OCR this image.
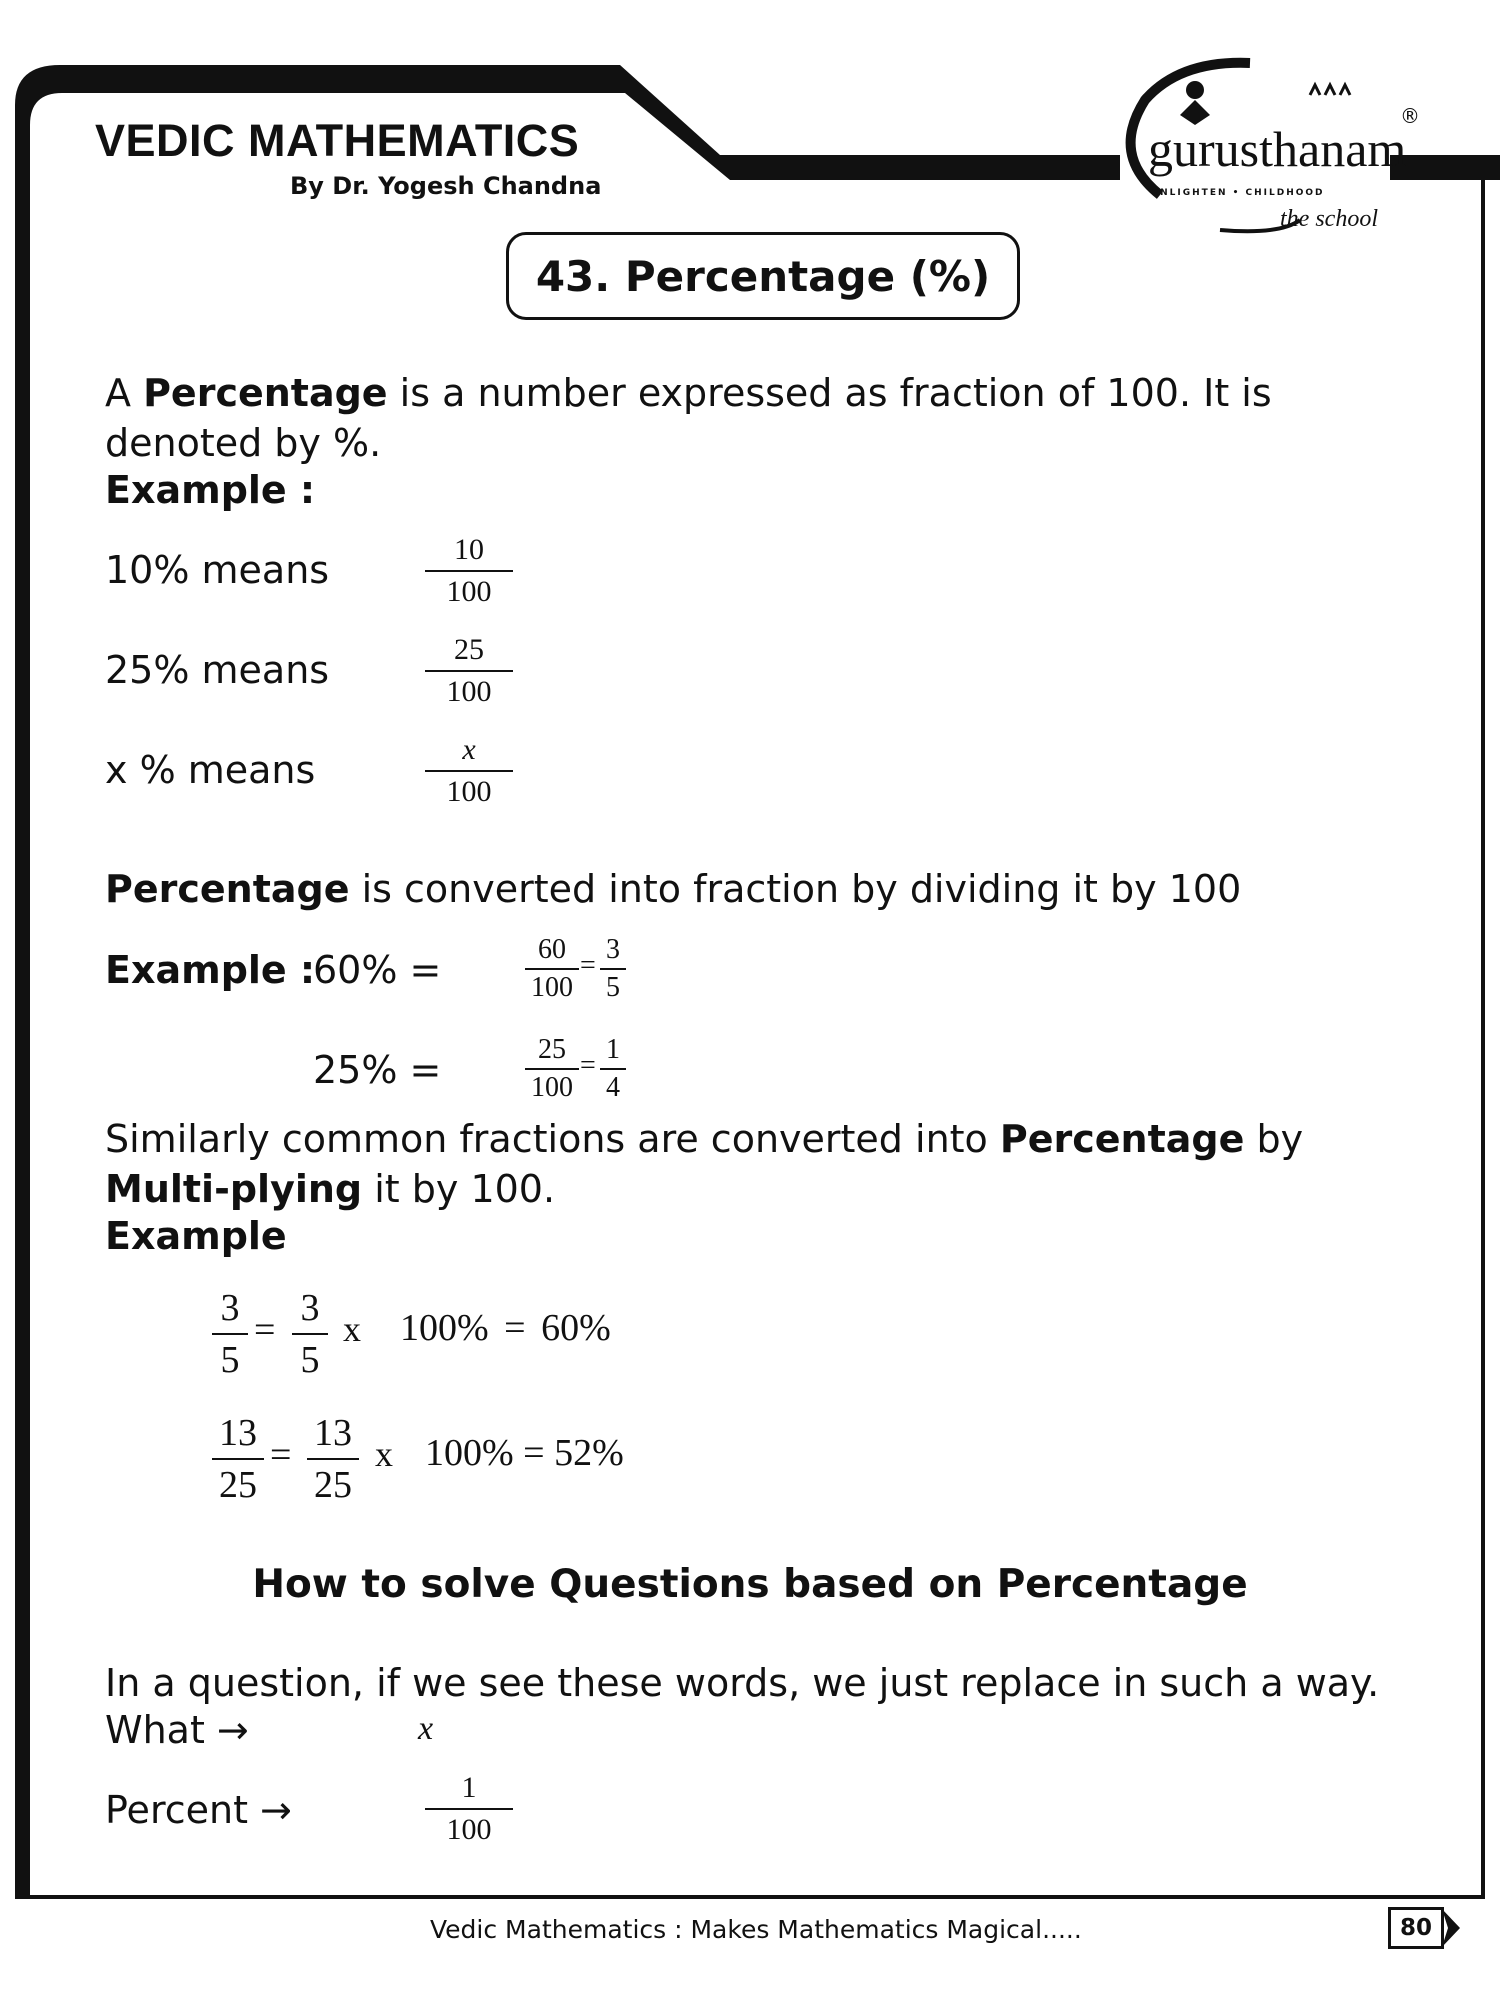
VEDIC MATHEMATICS
By Dr. Yogesh Chandna
gurusthanam
ENLIGHTEN • CHILDHOOD
the school
®
43. Percentage (%)
A Percentage is a number expressed as fraction of 100. It is denoted by %.
Example :
10% means	$\frac{10}{100}$
25% means	$\frac{25}{100}$
x % means	$\frac{x}{100}$
Percentage is converted into fraction by dividing it by 100
Example :
60% =	$\frac{60}{100} = \frac{3}{5}$
25% =	$\frac{25}{100} = \frac{1}{4}$
Similarly common fractions are converted into Percentage by Multi-plying it by 100.
Example
$\frac{3}{5} = \frac{3}{5}$ x 100% = 60%
$\frac{13}{25} = \frac{13}{25}$ x 100% = 52%
How to solve Questions based on Percentage
In a question, if we see these words, we just replace in such a way.
What →	x
Percent →	$\frac{1}{100}$
Vedic Mathematics : Makes Mathematics Magical.....	80
